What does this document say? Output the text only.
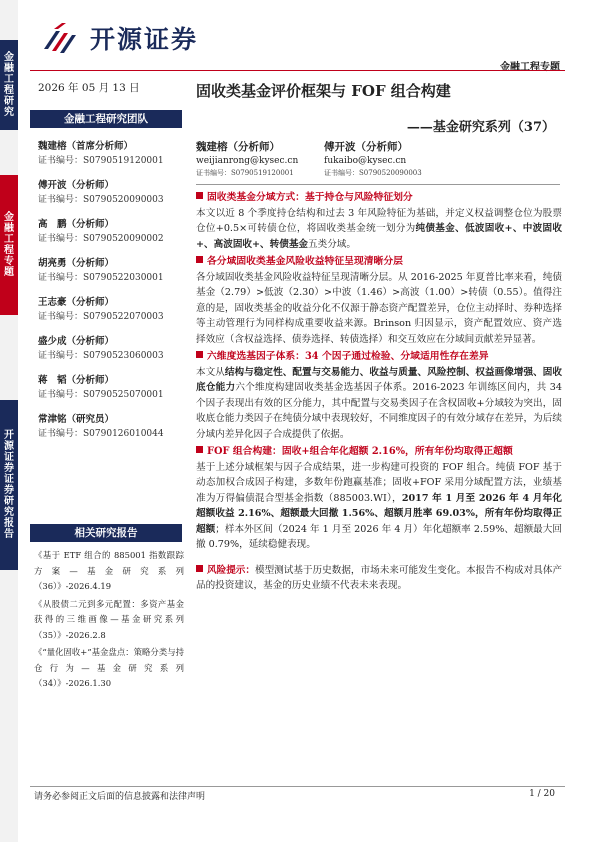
金融工程研究
金融工程专题
开源证券 证券研究报告
开源证券
金融工程专题
2026 年 05 月 13 日	固收类基金评价框架与 FOF 组合构建
——基金研究系列（37）
金融工程研究团队
魏建榕（首席分析师）
证书编号：S0790519120001
傅开波（分析师）
证书编号：S0790520090003
高　鹏（分析师）
证书编号：S0790520090002
胡亮勇（分析师）
证书编号：S0790522030001
王志豪（分析师）
证书编号：S0790522070003
盛少成（分析师）
证书编号：S0790523060003
蒋　韬（分析师）
证书编号：S0790525070001
常津铭（研究员）
证书编号：S0790126010044
魏建榕（分析师）
weijianrong@kysec.cn
证书编号：S0790519120001
傅开波（分析师）
fukaibo@kysec.cn
证书编号：S0790520090003
固收类基金分域方式：基于持仓与风险特征划分

本文以近 8 个季度持仓结构和过去 3 年风险特征为基础，并定义权益调整仓位为股票仓位+0.5×可转债仓位，将固收类基金统一划分为纯债基金、低波固收+、中波固收+、高波固收+、转债基金五类分域。

各分域固收类基金风险收益特征呈现清晰分层

各分域固收类基金风险收益特征呈现清晰分层。从 2016-2025 年夏普比率来看，纯债基金（2.79）>低波（2.30）>中波（1.46）>高波（1.00）>转债（0.55）。值得注意的是，固收类基金的收益分化不仅源于静态资产配置差异，仓位主动择时、券种选择等主动管理行为同样构成重要收益来源。Brinson 归因显示，资产配置效应、资产选择效应（含权益选择、债券选择、转债选择）和交互效应在分域间贡献差异显著。

六维度选基因子体系：34 个因子通过检验、分域适用性存在差异

本文从结构与稳定性、配置与交易能力、收益与质量、风险控制、权益画像增强、固收底仓能力六个维度构建固收类基金选基因子体系。2016-2023 年训练区间内，共 34 个因子表现出有效的区分能力，其中配置与交易类因子在含权固收+分域较为突出，固收底仓能力类因子在纯债分域中表现较好，不同维度因子的有效分域存在差异，为后续分域内差异化因子合成提供了依据。

FOF 组合构建：固收+组合年化超额 2.16%，所有年份均取得正超额

基于上述分域框架与因子合成结果，进一步构建可投资的 FOF 组合。纯债 FOF 基于动态加权合成因子构建，多数年份跑赢基准；固收+FOF 采用分域配置方法，业绩基准为万得偏债混合型基金指数（885003.WI），2017 年 1 月至 2026 年 4 月年化超额收益 2.16%、超额最大回撤 1.56%、超额月胜率 69.03%，所有年份均取得正超额；样本外区间（2024 年 1 月至 2026 年 4 月）年化超额率 2.59%、超额最大回撤 0.79%，延续稳健表现。

风险提示：模型测试基于历史数据，市场未来可能发生变化。本报告不构成对具体产品的投资建议，基金的历史业绩不代表未来表现。

相关研究报告
《基于 ETF 组合的 885001 指数跟踪方案—基金研究系列（36）》-2026.4.19
《从股债二元到多元配置：多资产基金获得的三维画像—基金研究系列（35）》-2026.2.8
《“量化固收+”基金盘点：策略分类与持仓行为—基金研究系列（34）》-2026.1.30
请务必参阅正文后面的信息披露和法律声明	1 / 20
